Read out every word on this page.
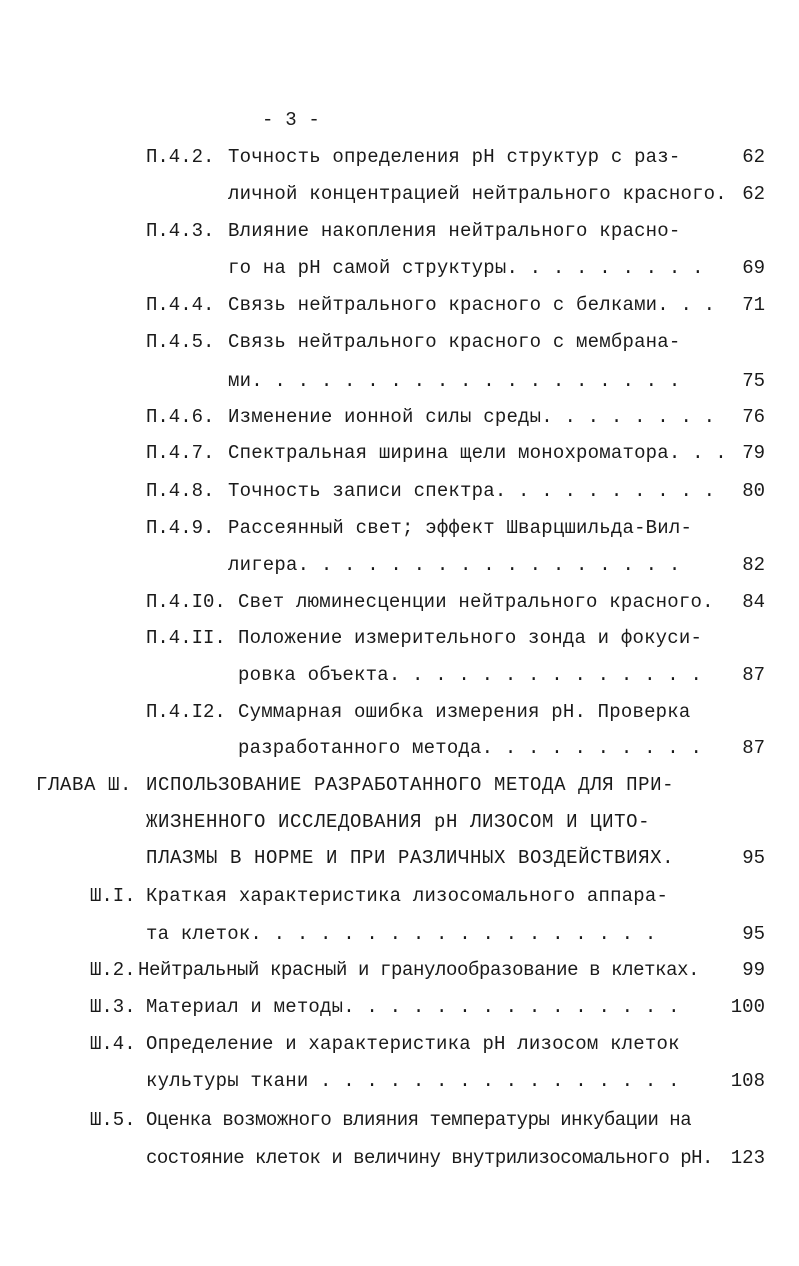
- 3 -
П.4.2. Точность определения рН структур с раз-	62
личной концентрацией нейтрального красного. 62
П.4.3. Влияние накопления нейтрального красно-
го на рН самой структуры. . . . . . . . .	69
П.4.4. Связь нейтрального красного с белками. . .	71
П.4.5. Связь нейтрального красного с мембрана-
ми. . . . . . . . . . . . . . . . . . .	75
П.4.6. Изменение ионной силы среды. . . . . . . .	76
П.4.7. Спектральная ширина щели монохроматора. . . 79
П.4.8. Точность записи спектра. . . . . . . . . .	80
П.4.9. Рассеянный свет; эффект Шварцшильда-Вил-
лигера. . . . . . . . . . . . . . . . .	82
П.4.I0. Свет люминесценции нейтрального красного.	84
П.4.II. Положение измерительного зонда и фокуси-
ровка объекта. . . . . . . . . . . . . .	87
П.4.I2. Суммарная ошибка измерения рН. Проверка
разработанного метода. . . . . . . . . .	87
ГЛАВА Ш. ИСПОЛЬЗОВАНИЕ РАЗРАБОТАННОГО МЕТОДА ДЛЯ ПРИ-
ЖИЗНЕННОГО ИССЛЕДОВАНИЯ рН ЛИЗОСОМ И ЦИТО-
ПЛАЗМЫ В НОРМЕ И ПРИ РАЗЛИЧНЫХ ВОЗДЕЙСТВИЯХ.	95
Ш.I. Краткая характеристика лизосомального аппара-
та клеток. . . . . . . . . . . . . . . . . .	95
Ш.2. Нейтральный красный и гранулообразование в клетках.	99
Ш.3. Материал и методы. . . . . . . . . . . . . . .	100
Ш.4. Определение и характеристика рН лизосом клеток
культуры ткани . . . . . . . . . . . . . . . .	108
Ш.5. Оценка возможного влияния температуры инкубации на
состояние клеток и величину внутрилизосомального рН. 123
